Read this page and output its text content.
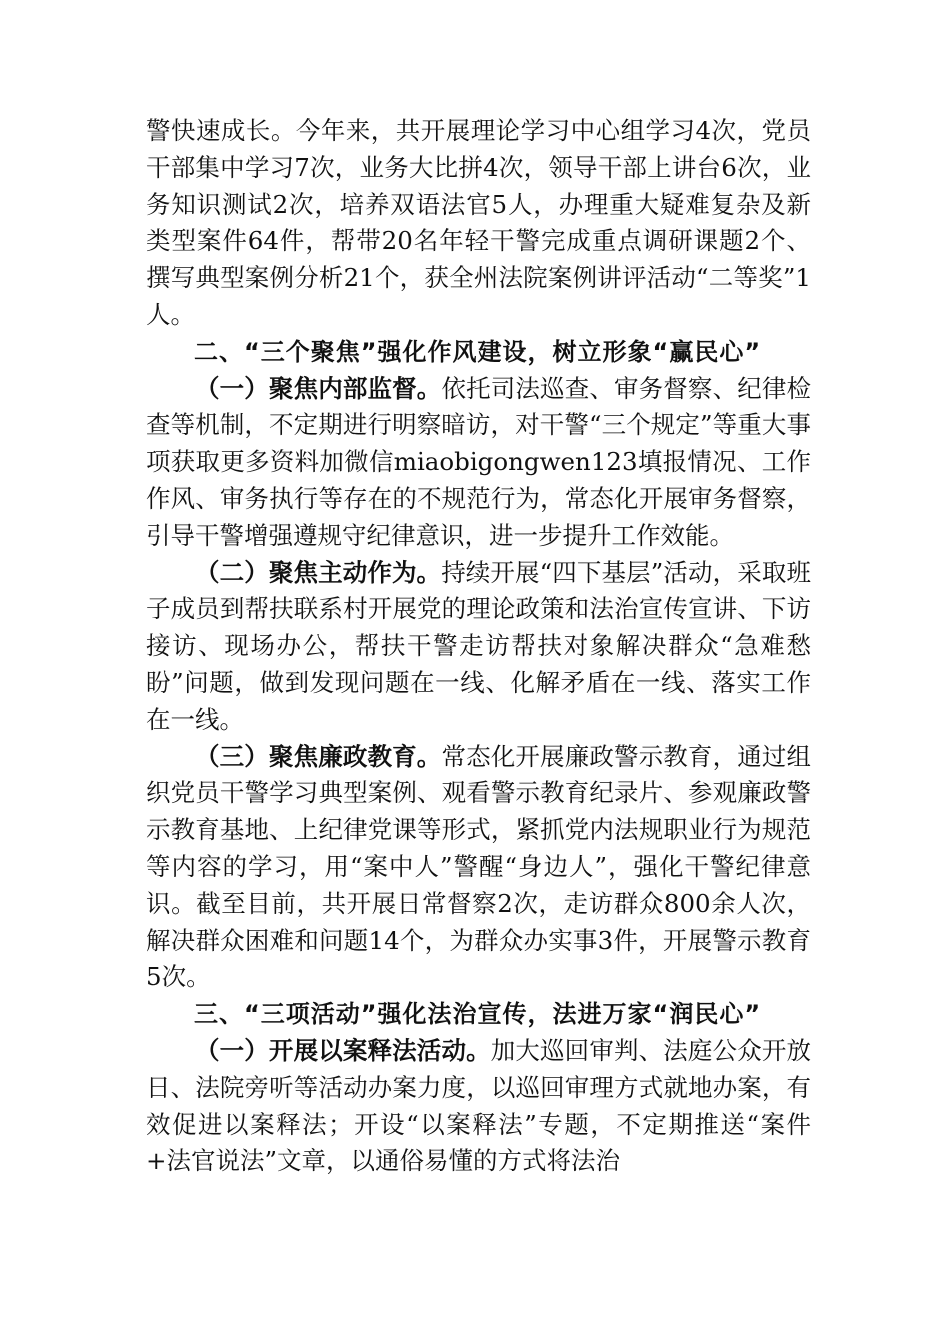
警快速成长。今年来，共开展理论学习中心组学习4次，党员干部集中学习7次，业务大比拼4次，领导干部上讲台6次，业务知识测试2次，培养双语法官5人，办理重大疑难复杂及新类型案件64件，帮带20名年轻干警完成重点调研课题2个、撰写典型案例分析21个，获全州法院案例讲评活动“二等奖”1人。

二、“三个聚焦”强化作风建设，树立形象“赢民心”

（一）聚焦内部监督。依托司法巡查、审务督察、纪律检查等机制，不定期进行明察暗访，对干警“三个规定”等重大事项获取更多资料加微信miaobigongwen123填报情况、工作作风、审务执行等存在的不规范行为，常态化开展审务督察，引导干警增强遵规守纪律意识，进一步提升工作效能。

（二）聚焦主动作为。持续开展“四下基层”活动，采取班子成员到帮扶联系村开展党的理论政策和法治宣传宣讲、下访接访、现场办公，帮扶干警走访帮扶对象解决群众“急难愁盼”问题，做到发现问题在一线、化解矛盾在一线、落实工作在一线。

（三）聚焦廉政教育。常态化开展廉政警示教育，通过组织党员干警学习典型案例、观看警示教育纪录片、参观廉政警示教育基地、上纪律党课等形式，紧抓党内法规职业行为规范等内容的学习，用“案中人”警醒“身边人”，强化干警纪律意识。截至目前，共开展日常督察2次，走访群众800余人次，解决群众困难和问题14个，为群众办实事3件，开展警示教育5次。

三、“三项活动”强化法治宣传，法进万家“润民心”

（一）开展以案释法活动。加大巡回审判、法庭公众开放日、法院旁听等活动办案力度，以巡回审理方式就地办案，有效促进以案释法；开设“以案释法”专题，不定期推送“案件+法官说法”文章，以通俗易懂的方式将法治
